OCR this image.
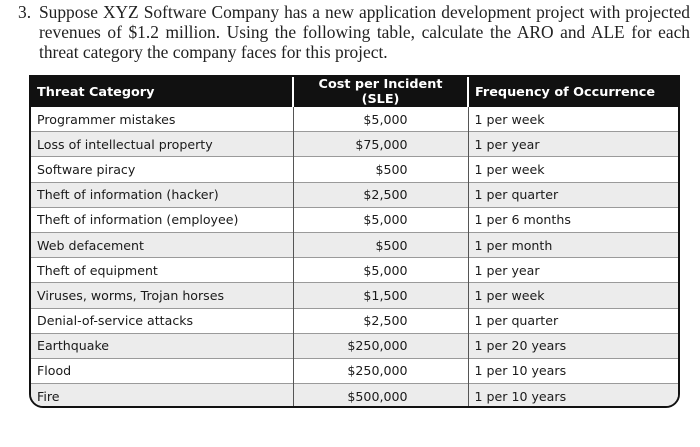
3. Suppose XYZ Software Company has a new application development project with projected revenues of $1.2 million. Using the following table, calculate the ARO and ALE for each threat category the company faces for this project.
Threat Category	Cost per Incident (SLE)	Frequency of Occurrence
Programmer mistakes	$5,000	1 per week
Loss of intellectual property	$75,000	1 per year
Software piracy	$500	1 per week
Theft of information (hacker)	$2,500	1 per quarter
Theft of information (employee)	$5,000	1 per 6 months
Web defacement	$500	1 per month
Theft of equipment	$5,000	1 per year
Viruses, worms, Trojan horses	$1,500	1 per week
Denial-of-service attacks	$2,500	1 per quarter
Earthquake	$250,000	1 per 20 years
Flood	$250,000	1 per 10 years
Fire	$500,000	1 per 10 years
